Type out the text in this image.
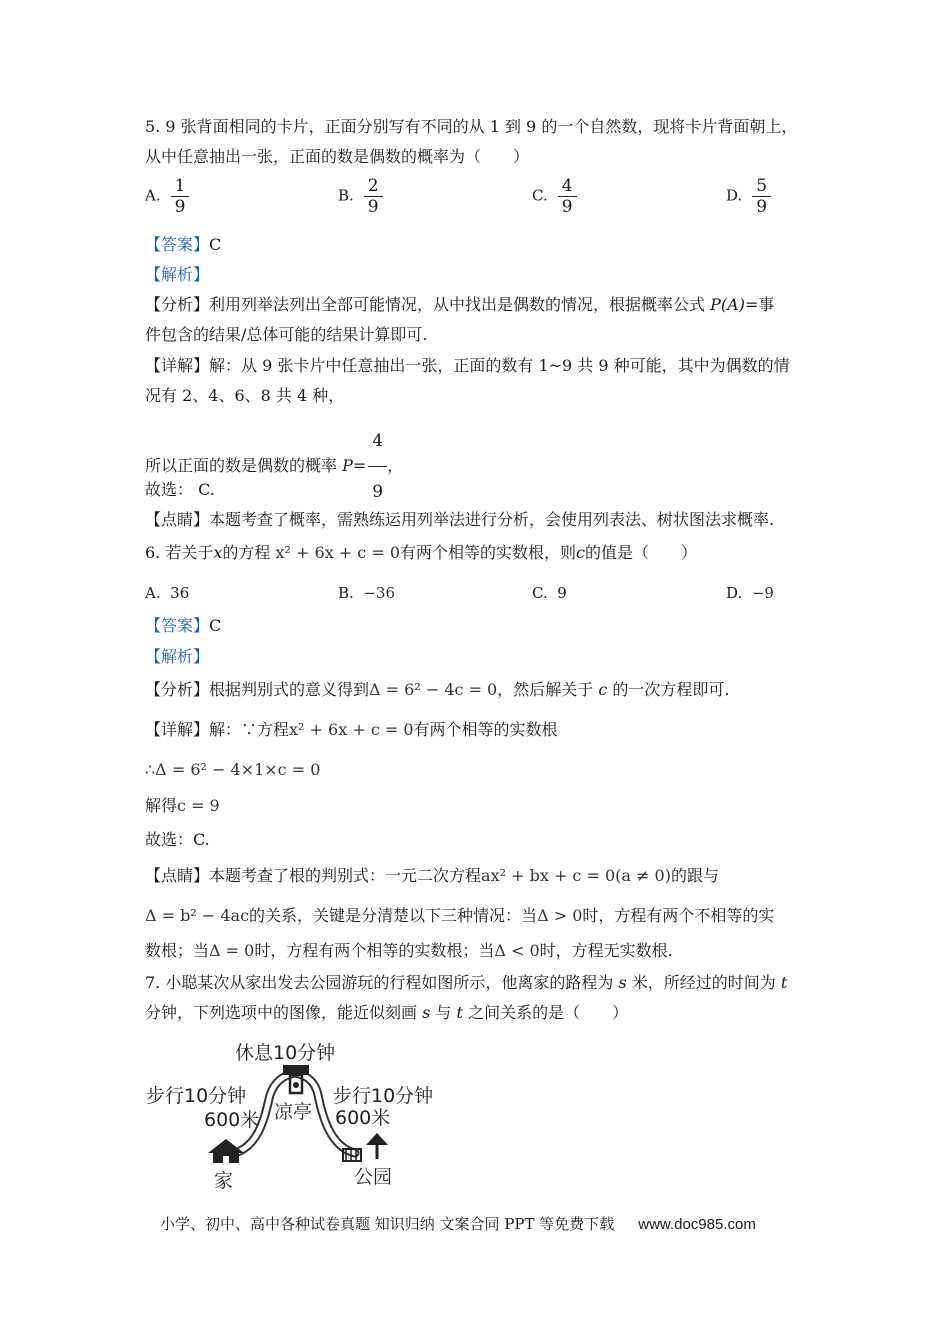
5. 9 张背面相同的卡片，正面分别写有不同的从 1 到 9 的一个自然数，现将卡片背面朝上，
从中任意抽出一张，正面的数是偶数的概率为（　　）
A. $\frac{1}{9}$	B. $\frac{2}{9}$	C. $\frac{4}{9}$	D. $\frac{5}{9}$
【答案】C
【解析】
【分析】利用列举法列出全部可能情况，从中找出是偶数的情况，根据概率公式 P(A)=事
件包含的结果/总体可能的结果计算即可.
【详解】解：从 9 张卡片中任意抽出一张，正面的数有 1~9 共 9 种可能，其中为偶数的情
况有 2、4、6、8 共 4 种，
所以正面的数是偶数的概率 $P= \frac{4}{9}$ ，
故选： C.
【点睛】本题考查了概率，需熟练运用列举法进行分析，会使用列表法、树状图法求概率.
6. 若关于x的方程 x² + 6x + c = 0有两个相等的实数根，则c的值是（　　）
A. 36	B. −36	C. 9	D. −9
【答案】C
【解析】
【分析】根据判别式的意义得到Δ = 6² − 4c = 0，然后解关于 c 的一次方程即可.
【详解】解：∵方程x² + 6x + c = 0有两个相等的实数根
∴Δ = 6² − 4×1×c = 0
解得c = 9
故选：C.
【点睛】本题考查了根的判别式：一元二次方程ax² + bx + c = 0(a ≠ 0)的跟与
Δ = b² − 4ac的关系，关键是分清楚以下三种情况：当Δ > 0时，方程有两个不相等的实
数根；当Δ = 0时，方程有两个相等的实数根；当Δ < 0时，方程无实数根.
7. 小聪某次从家出发去公园游玩的行程如图所示，他离家的路程为 s 米，所经过的时间为 t
分钟，下列选项中的图像，能近似刻画 s 与 t 之间关系的是（　　）
休息10分钟
步行10分钟
600米 凉亭
步行10分钟
600米
家	公园
小学、初中、高中各种试卷真题 知识归纳 文案合同 PPT 等免费下载 www.doc985.com
